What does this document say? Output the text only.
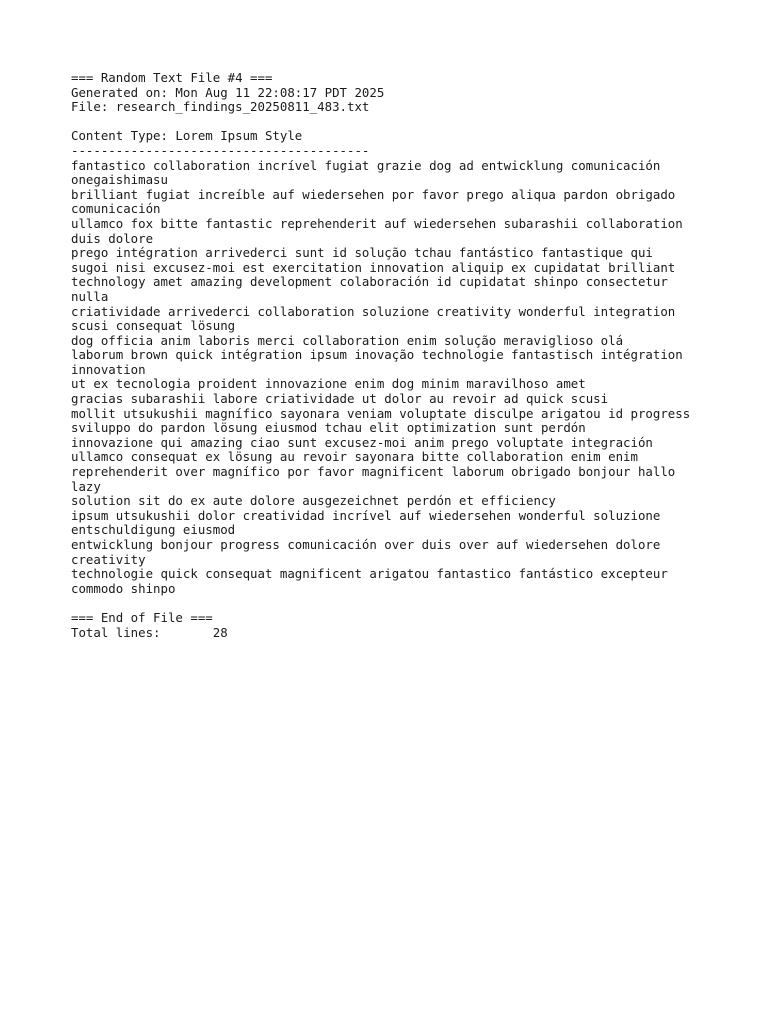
=== Random Text File #4 ===
Generated on: Mon Aug 11 22:08:17 PDT 2025
File: research_findings_20250811_483.txt
Content Type: Lorem Ipsum Style
----------------------------------------
fantastico collaboration incrível fugiat grazie dog ad entwicklung comunicación
onegaishimasu
brilliant fugiat increíble auf wiedersehen por favor prego aliqua pardon obrigado
comunicación
ullamco fox bitte fantastic reprehenderit auf wiedersehen subarashii collaboration
duis dolore
prego intégration arrivederci sunt id solução tchau fantástico fantastique qui
sugoi nisi excusez-moi est exercitation innovation aliquip ex cupidatat brilliant
technology amet amazing development colaboración id cupidatat shinpo consectetur
nulla
criatividade arrivederci collaboration soluzione creativity wonderful integration
scusi consequat lösung
dog officia anim laboris merci collaboration enim solução meraviglioso olá
laborum brown quick intégration ipsum inovação technologie fantastisch intégration
innovation
ut ex tecnologia proident innovazione enim dog minim maravilhoso amet
gracias subarashii labore criatividade ut dolor au revoir ad quick scusi
mollit utsukushii magnífico sayonara veniam voluptate disculpe arigatou id progress
sviluppo do pardon lösung eiusmod tchau elit optimization sunt perdón
innovazione qui amazing ciao sunt excusez-moi anim prego voluptate integración
ullamco consequat ex lösung au revoir sayonara bitte collaboration enim enim
reprehenderit over magnífico por favor magnificent laborum obrigado bonjour hallo
lazy
solution sit do ex aute dolore ausgezeichnet perdón et efficiency
ipsum utsukushii dolor creatividad incrível auf wiedersehen wonderful soluzione
entschuldigung eiusmod
entwicklung bonjour progress comunicación over duis over auf wiedersehen dolore
creativity
technologie quick consequat magnificent arigatou fantastico fantástico excepteur
commodo shinpo
=== End of File ===
Total lines:       28
